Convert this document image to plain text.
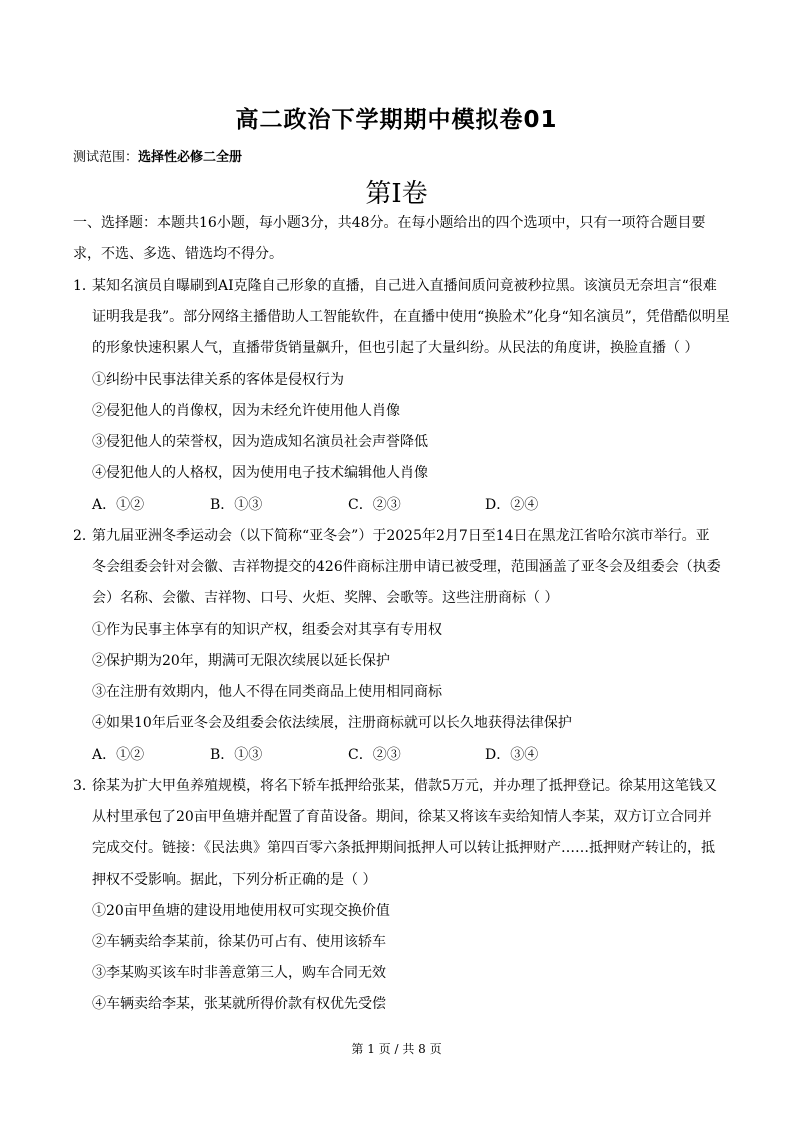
高二政治下学期期中模拟卷01
测试范围：选择性必修二全册
第I卷
一、选择题：本题共16小题，每小题3分，共48分。在每小题给出的四个选项中，只有一项符合题目要
求，不选、多选、错选均不得分。
1．
某知名演员自曝刷到AI克隆自己形象的直播，自己进入直播间质问竟被秒拉黑。该演员无奈坦言“很难
证明我是我”。部分网络主播借助人工智能软件，在直播中使用“换脸术”化身“知名演员”，凭借酷似明星
的形象快速积累人气，直播带货销量飙升，但也引起了大量纠纷。从民法的角度讲，换脸直播（ ）
①纠纷中民事法律关系的客体是侵权行为
②侵犯他人的肖像权，因为未经允许使用他人肖像
③侵犯他人的荣誉权，因为造成知名演员社会声誉降低
④侵犯他人的人格权，因为使用电子技术编辑他人肖像
A．①②	B．①③	C．②③	D．②④
2．
第九届亚洲冬季运动会（以下简称“亚冬会”）于2025年2月7日至14日在黑龙江省哈尔滨市举行。亚
冬会组委会针对会徽、吉祥物提交的426件商标注册申请已被受理，范围涵盖了亚冬会及组委会（执委
会）名称、会徽、吉祥物、口号、火炬、奖牌、会歌等。这些注册商标（ ）
①作为民事主体享有的知识产权，组委会对其享有专用权
②保护期为20年，期满可无限次续展以延长保护
③在注册有效期内，他人不得在同类商品上使用相同商标
④如果10年后亚冬会及组委会依法续展，注册商标就可以长久地获得法律保护
A．①②	B．①③	C．②③	D．③④
3．
徐某为扩大甲鱼养殖规模，将名下轿车抵押给张某，借款5万元，并办理了抵押登记。徐某用这笔钱又
从村里承包了20亩甲鱼塘并配置了育苗设备。期间，徐某又将该车卖给知情人李某，双方订立合同并
完成交付。链接：《民法典》第四百零六条抵押期间抵押人可以转让抵押财产……抵押财产转让的，抵
押权不受影响。据此，下列分析正确的是（ ）
①20亩甲鱼塘的建设用地使用权可实现交换价值
②车辆卖给李某前，徐某仍可占有、使用该轿车
③李某购买该车时非善意第三人，购车合同无效
④车辆卖给李某，张某就所得价款有权优先受偿
第 1 页 / 共 8 页
